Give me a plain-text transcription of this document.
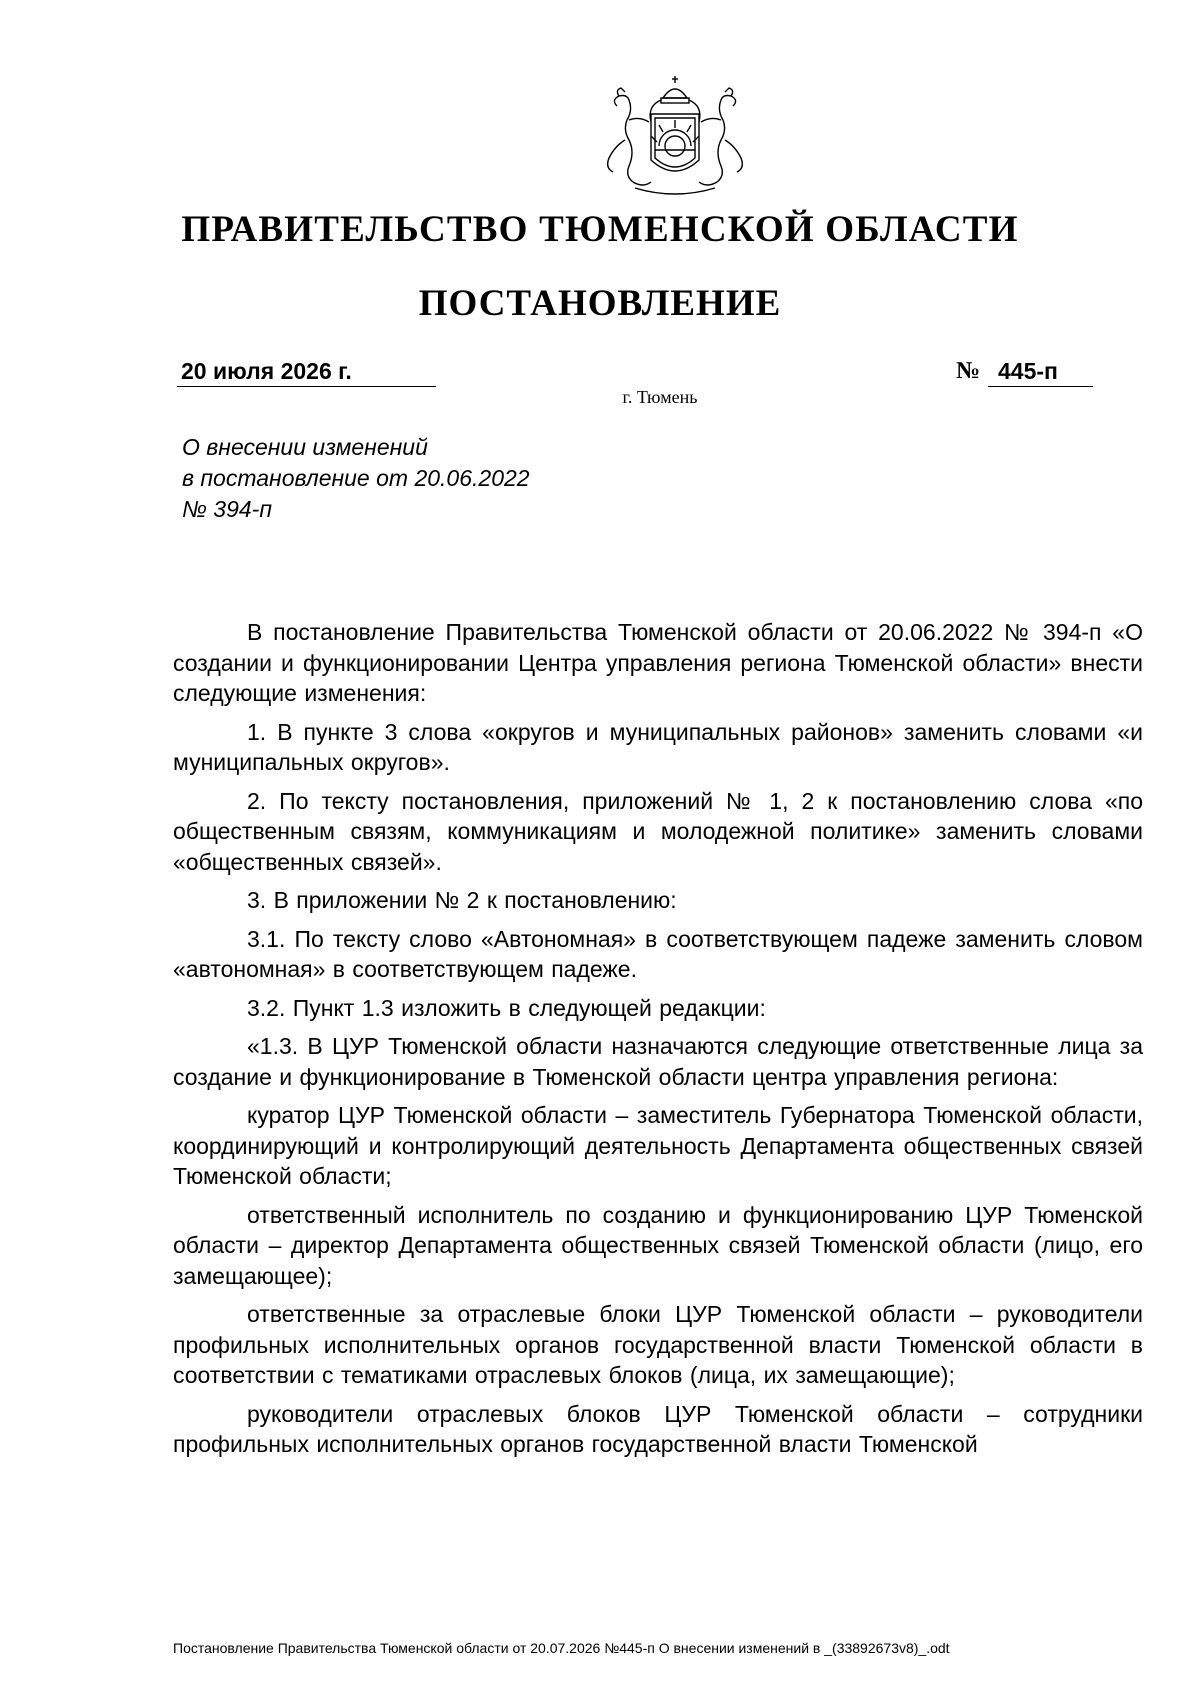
ПРАВИТЕЛЬСТВО ТЮМЕНСКОЙ ОБЛАСТИ
ПОСТАНОВЛЕНИЕ
20 июля 2026 г.	№ 445-п
г. Тюмень
О внесении изменений
в постановление от 20.06.2022
№ 394-п

В постановление Правительства Тюменской области от 20.06.2022 № 394-п «О создании и функционировании Центра управления региона Тюменской области» внести следующие изменения:

1. В пункте 3 слова «округов и муниципальных районов» заменить словами «и муниципальных округов».

2. По тексту постановления, приложений № 1, 2 к постановлению слова «по общественным связям, коммуникациям и молодежной политике» заменить словами «общественных связей».

3. В приложении № 2 к постановлению:

3.1. По тексту слово «Автономная» в соответствующем падеже заменить словом «автономная» в соответствующем падеже.

3.2. Пункт 1.3 изложить в следующей редакции:

«1.3. В ЦУР Тюменской области назначаются следующие ответственные лица за создание и функционирование в Тюменской области центра управления региона:

куратор ЦУР Тюменской области – заместитель Губернатора Тюменской области, координирующий и контролирующий деятельность Департамента общественных связей Тюменской области;

ответственный исполнитель по созданию и функционированию ЦУР Тюменской области – директор Департамента общественных связей Тюменской области (лицо, его замещающее);

ответственные за отраслевые блоки ЦУР Тюменской области – руководители профильных исполнительных органов государственной власти Тюменской области в соответствии с тематиками отраслевых блоков (лица, их замещающие);

руководители отраслевых блоков ЦУР Тюменской области – сотрудники профильных исполнительных органов государственной власти Тюменской

Постановление Правительства Тюменской области от 20.07.2026 №445-п О внесении изменений в _(33892673v8)_.odt
